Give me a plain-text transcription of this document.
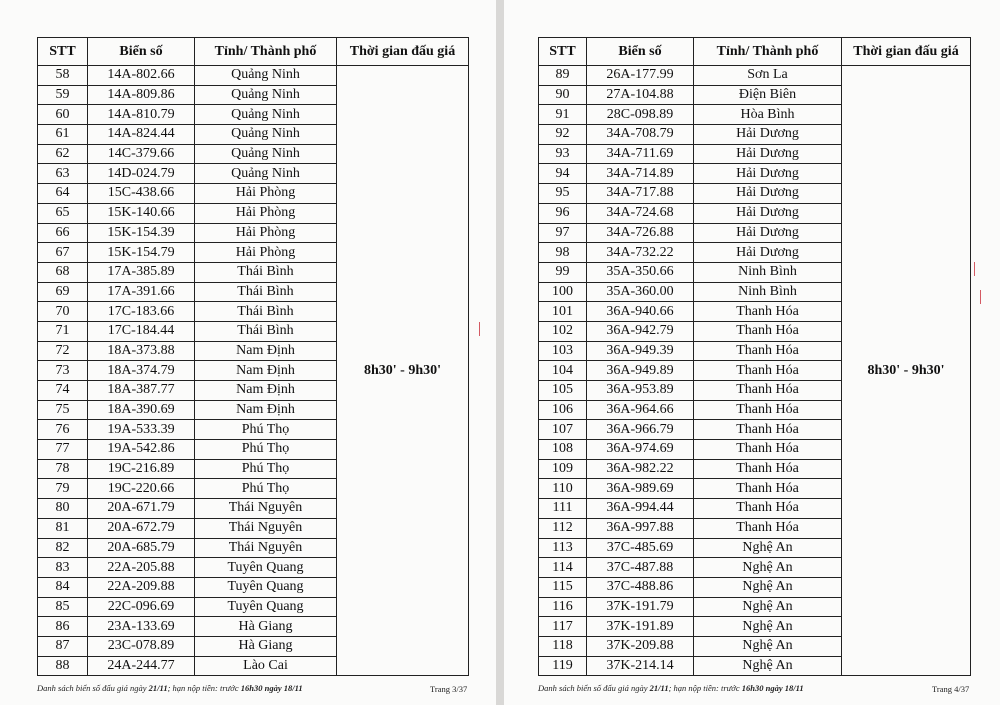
STT	Biển số	Tỉnh/ Thành phố	Thời gian đấu giá
58	14A-802.66	Quảng Ninh	8h30' - 9h30'
59	14A-809.86	Quảng Ninh	
60	14A-810.79	Quảng Ninh	
61	14A-824.44	Quảng Ninh	
62	14C-379.66	Quảng Ninh	
63	14D-024.79	Quảng Ninh	
64	15C-438.66	Hải Phòng	
65	15K-140.66	Hải Phòng	
66	15K-154.39	Hải Phòng	
67	15K-154.79	Hải Phòng	
68	17A-385.89	Thái Bình	
69	17A-391.66	Thái Bình	
70	17C-183.66	Thái Bình	
71	17C-184.44	Thái Bình	
72	18A-373.88	Nam Định	
73	18A-374.79	Nam Định	
74	18A-387.77	Nam Định	
75	18A-390.69	Nam Định	
76	19A-533.39	Phú Thọ	
77	19A-542.86	Phú Thọ	
78	19C-216.89	Phú Thọ	
79	19C-220.66	Phú Thọ	
80	20A-671.79	Thái Nguyên	
81	20A-672.79	Thái Nguyên	
82	20A-685.79	Thái Nguyên	
83	22A-205.88	Tuyên Quang	
84	22A-209.88	Tuyên Quang	
85	22C-096.69	Tuyên Quang	
86	23A-133.69	Hà Giang	
87	23C-078.89	Hà Giang	
88	24A-244.77	Lào Cai	
Danh sách biển số đấu giá ngày 21/11; hạn nộp tiền: trước 16h30 ngày 18/11	Trang 3/37
STT	Biển số	Tỉnh/ Thành phố	Thời gian đấu giá
89	26A-177.99	Sơn La	8h30' - 9h30'
90	27A-104.88	Điện Biên	
91	28C-098.89	Hòa Bình	
92	34A-708.79	Hải Dương	
93	34A-711.69	Hải Dương	
94	34A-714.89	Hải Dương	
95	34A-717.88	Hải Dương	
96	34A-724.68	Hải Dương	
97	34A-726.88	Hải Dương	
98	34A-732.22	Hải Dương	
99	35A-350.66	Ninh Bình	
100	35A-360.00	Ninh Bình	
101	36A-940.66	Thanh Hóa	
102	36A-942.79	Thanh Hóa	
103	36A-949.39	Thanh Hóa	
104	36A-949.89	Thanh Hóa	
105	36A-953.89	Thanh Hóa	
106	36A-964.66	Thanh Hóa	
107	36A-966.79	Thanh Hóa	
108	36A-974.69	Thanh Hóa	
109	36A-982.22	Thanh Hóa	
110	36A-989.69	Thanh Hóa	
111	36A-994.44	Thanh Hóa	
112	36A-997.88	Thanh Hóa	
113	37C-485.69	Nghệ An	
114	37C-487.88	Nghệ An	
115	37C-488.86	Nghệ An	
116	37K-191.79	Nghệ An	
117	37K-191.89	Nghệ An	
118	37K-209.88	Nghệ An	
119	37K-214.14	Nghệ An	
Danh sách biển số đấu giá ngày 21/11; hạn nộp tiền: trước 16h30 ngày 18/11	Trang 4/37
